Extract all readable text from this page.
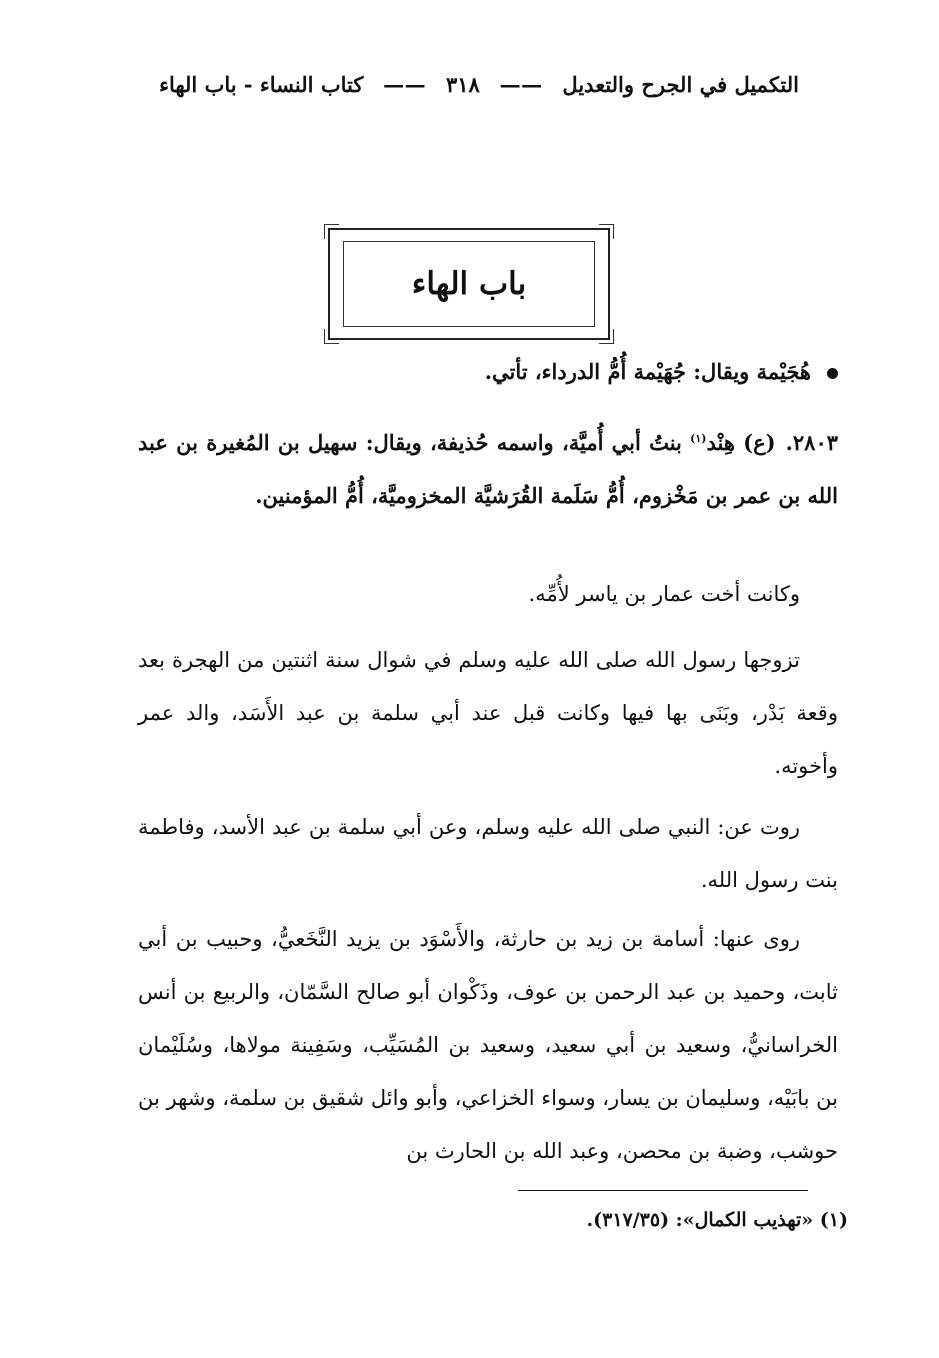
التكميل في الجرح والتعديل —— ٣١٨ —— كتاب النساء - باب الهاء
باب الهاء
هُجَيْمة ويقال: جُهَيْمة أُمُّ الدرداء، تأتي.
٢٨٠٣.(ع) هِنْد$^{(١)}$ بنتُ أبي أُميَّة، واسمه حُذيفة، ويقال: سهيل بن المُغيرة بن عبد الله بن عمر بن مَخْزوم، أُمُّ سَلَمة القُرَشيَّة المخزوميَّة، أُمُّ المؤمنين.
وكانت أخت عمار بن ياسر لأُمِّه.
تزوجها رسول الله صلى الله عليه وسلم في شوال سنة اثنتين من الهجرة بعد وقعة بَدْر، وبَنَى بها فيها وكانت قبل عند أبي سلمة بن عبد الأَسَد، والد عمر وأخوته.
روت عن: النبي صلى الله عليه وسلم، وعن أبي سلمة بن عبد الأسد، وفاطمة بنت رسول الله.
روى عنها: أسامة بن زيد بن حارثة، والأَسْوَد بن يزيد النَّخَعيُّ، وحبيب بن أبي ثابت، وحميد بن عبد الرحمن بن عوف، وذَكْوان أبو صالح السَّمّان، والربيع بن أنس الخراسانيُّ، وسعيد بن أبي سعيد، وسعيد بن المُسَيِّب، وسَفِينة مولاها، وسُلَيْمان بن بابَيْه، وسليمان بن يسار، وسواء الخزاعي، وأبو وائل شقيق بن سلمة، وشهر بن حوشب، وضبة بن محصن، وعبد الله بن الحارث بن
(١) «تهذيب الكمال»: (٣١٧/٣٥).
